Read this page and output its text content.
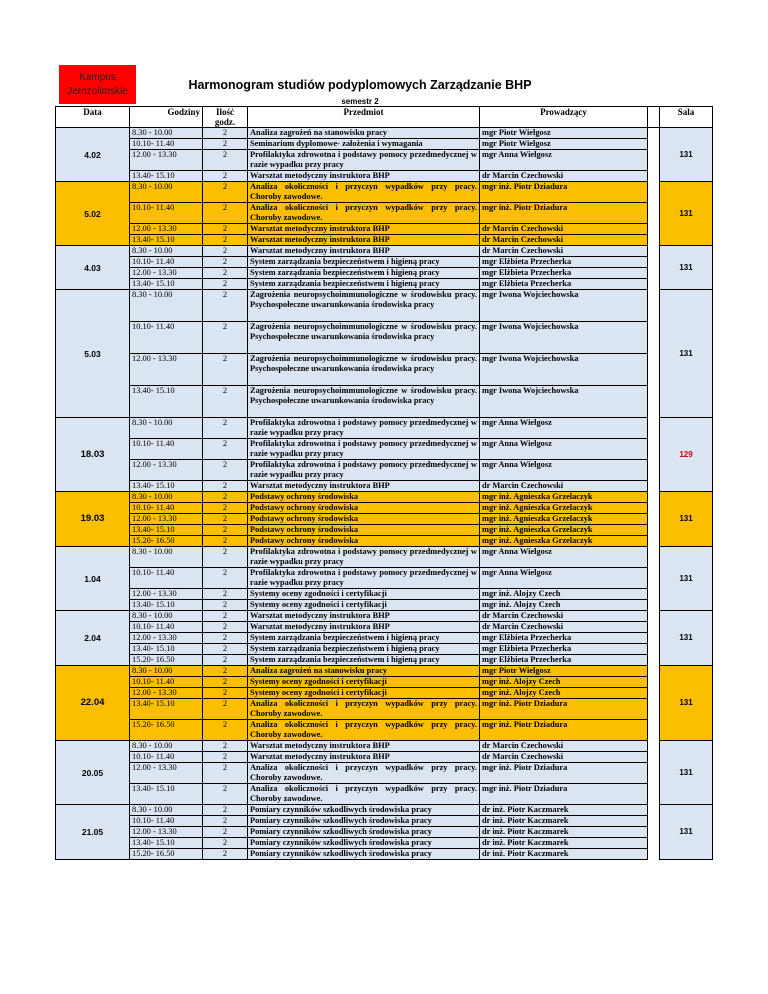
Kampus
Jerozolimskie	Harmonogram studiów podyplomowych Zarządzanie BHP
semestr 2
Data	Godziny	Ilość godz.	Przedmiot	Prowadzący		Sala
4.02	8.30 - 10.00	2	Analiza zagrożeń na stanowisku pracy	mgr Piotr Wielgosz		131
	10.10- 11.40	2	Seminarium dyplomowe- założenia i wymagania	mgr Piotr Wielgosz		
	12.00 - 13.30	2	Profilaktyka zdrowotna i podstawy pomocy przedmedycznej w razie wypadku przy pracy	mgr Anna Wielgosz		
	13.40- 15.10	2	Warsztat metodyczny instruktora BHP	dr Marcin Czechowski		
5.02	8.30 - 10.00	2	Analiza okoliczności i przyczyn wypadków przy pracy. Choroby zawodowe.	mgr inż. Piotr Dziadura		131
	10.10- 11.40	2	Analiza okoliczności i przyczyn wypadków przy pracy. Choroby zawodowe.	mgr inż. Piotr Dziadura		
	12.00 - 13.30	2	Warsztat metodyczny instruktora BHP	dr Marcin Czechowski		
	13.40- 15.10	2	Warsztat metodyczny instruktora BHP	dr Marcin Czechowski		
4.03	8.30 - 10.00	2	Warsztat metodyczny instruktora BHP	dr Marcin Czechowski		131
	10.10- 11.40	2	System zarządzania bezpieczeństwem i higieną pracy	mgr Elżbieta Przecherka		
	12.00 - 13.30	2	System zarządzania bezpieczeństwem i higieną pracy	mgr Elżbieta Przecherka		
	13.40- 15.10	2	System zarządzania bezpieczeństwem i higieną pracy	mgr Elżbieta Przecherka		
5.03	8.30 - 10.00	2	Zagrożenia neuropsychoimmunologiczne w środowisku pracy. Psychospołeczne uwarunkowania środowiska pracy	mgr Iwona Wojciechowska		131
	10.10- 11.40	2	Zagrożenia neuropsychoimmunologiczne w środowisku pracy. Psychospołeczne uwarunkowania środowiska pracy	mgr Iwona Wojciechowska		
	12.00 - 13.30	2	Zagrożenia neuropsychoimmunologiczne w środowisku pracy. Psychospołeczne uwarunkowania środowiska pracy	mgr Iwona Wojciechowska		
	13.40- 15.10	2	Zagrożenia neuropsychoimmunologiczne w środowisku pracy. Psychospołeczne uwarunkowania środowiska pracy	mgr Iwona Wojciechowska		
18.03	8.30 - 10.00	2	Profilaktyka zdrowotna i podstawy pomocy przedmedycznej w razie wypadku przy pracy	mgr Anna Wielgosz		129
	10.10- 11.40	2	Profilaktyka zdrowotna i podstawy pomocy przedmedycznej w razie wypadku przy pracy	mgr Anna Wielgosz		
	12.00 - 13.30	2	Profilaktyka zdrowotna i podstawy pomocy przedmedycznej w razie wypadku przy pracy	mgr Anna Wielgosz		
	13.40- 15.10	2	Warsztat metodyczny instruktora BHP	dr Marcin Czechowski		
19.03	8.30 - 10.00	2	Podstawy ochrony środowiska	mgr inż. Agnieszka Grzelaczyk		131
	10.10- 11.40	2	Podstawy ochrony środowiska	mgr inż. Agnieszka Grzelaczyk		
	12.00 - 13.30	2	Podstawy ochrony środowiska	mgr inż. Agnieszka Grzelaczyk		
	13.40- 15.10	2	Podstawy ochrony środowiska	mgr inż. Agnieszka Grzelaczyk		
	15.20- 16.50	2	Podstawy ochrony środowiska	mgr inż. Agnieszka Grzelaczyk		
1.04	8.30 - 10.00	2	Profilaktyka zdrowotna i podstawy pomocy przedmedycznej w razie wypadku przy pracy	mgr Anna Wielgosz		131
	10.10- 11.40	2	Profilaktyka zdrowotna i podstawy pomocy przedmedycznej w razie wypadku przy pracy	mgr Anna Wielgosz		
	12.00 - 13.30	2	Systemy oceny zgodności i certyfikacji	mgr inż. Alojzy Czech		
	13.40- 15.10	2	Systemy oceny zgodności i certyfikacji	mgr inż. Alojzy Czech		
2.04	8.30 - 10.00	2	Warsztat metodyczny instruktora BHP	dr Marcin Czechowski		131
	10.10- 11.40	2	Warsztat metodyczny instruktora BHP	dr Marcin Czechowski		
	12.00 - 13.30	2	System zarządzania bezpieczeństwem i higieną pracy	mgr Elżbieta Przecherka		
	13.40- 15.10	2	System zarządzania bezpieczeństwem i higieną pracy	mgr Elżbieta Przecherka		
	15.20- 16.50	2	System zarządzania bezpieczeństwem i higieną pracy	mgr Elżbieta Przecherka		
22.04	8.30 - 10.00	2	Analiza zagrożeń na stanowisku pracy	mgr Piotr Wielgosz		131
	10.10- 11.40	2	Systemy oceny zgodności i certyfikacji	mgr inż. Alojzy Czech		
	12.00 - 13.30	2	Systemy oceny zgodności i certyfikacji	mgr inż. Alojzy Czech		
	13.40- 15.10	2	Analiza okoliczności i przyczyn wypadków przy pracy. Choroby zawodowe.	mgr inż. Piotr Dziadura		
	15.20- 16.50	2	Analiza okoliczności i przyczyn wypadków przy pracy. Choroby zawodowe.	mgr inż. Piotr Dziadura		
20.05	8.30 - 10.00	2	Warsztat metodyczny instruktora BHP	dr Marcin Czechowski		131
	10.10- 11.40	2	Warsztat metodyczny instruktora BHP	dr Marcin Czechowski		
	12.00 - 13.30	2	Analiza okoliczności i przyczyn wypadków przy pracy. Choroby zawodowe.	mgr inż. Piotr Dziadura		
	13.40- 15.10	2	Analiza okoliczności i przyczyn wypadków przy pracy. Choroby zawodowe.	mgr inż. Piotr Dziadura		
21.05	8.30 - 10.00	2	Pomiary czynników szkodliwych środowiska pracy	dr inż. Piotr Kaczmarek		131
	10.10- 11.40	2	Pomiary czynników szkodliwych środowiska pracy	dr inż. Piotr Kaczmarek		
	12.00 - 13.30	2	Pomiary czynników szkodliwych środowiska pracy	dr inż. Piotr Kaczmarek		
	13.40- 15.10	2	Pomiary czynników szkodliwych środowiska pracy	dr inż. Piotr Kaczmarek		
	15.20- 16.50	2	Pomiary czynników szkodliwych środowiska pracy	dr inż. Piotr Kaczmarek		
